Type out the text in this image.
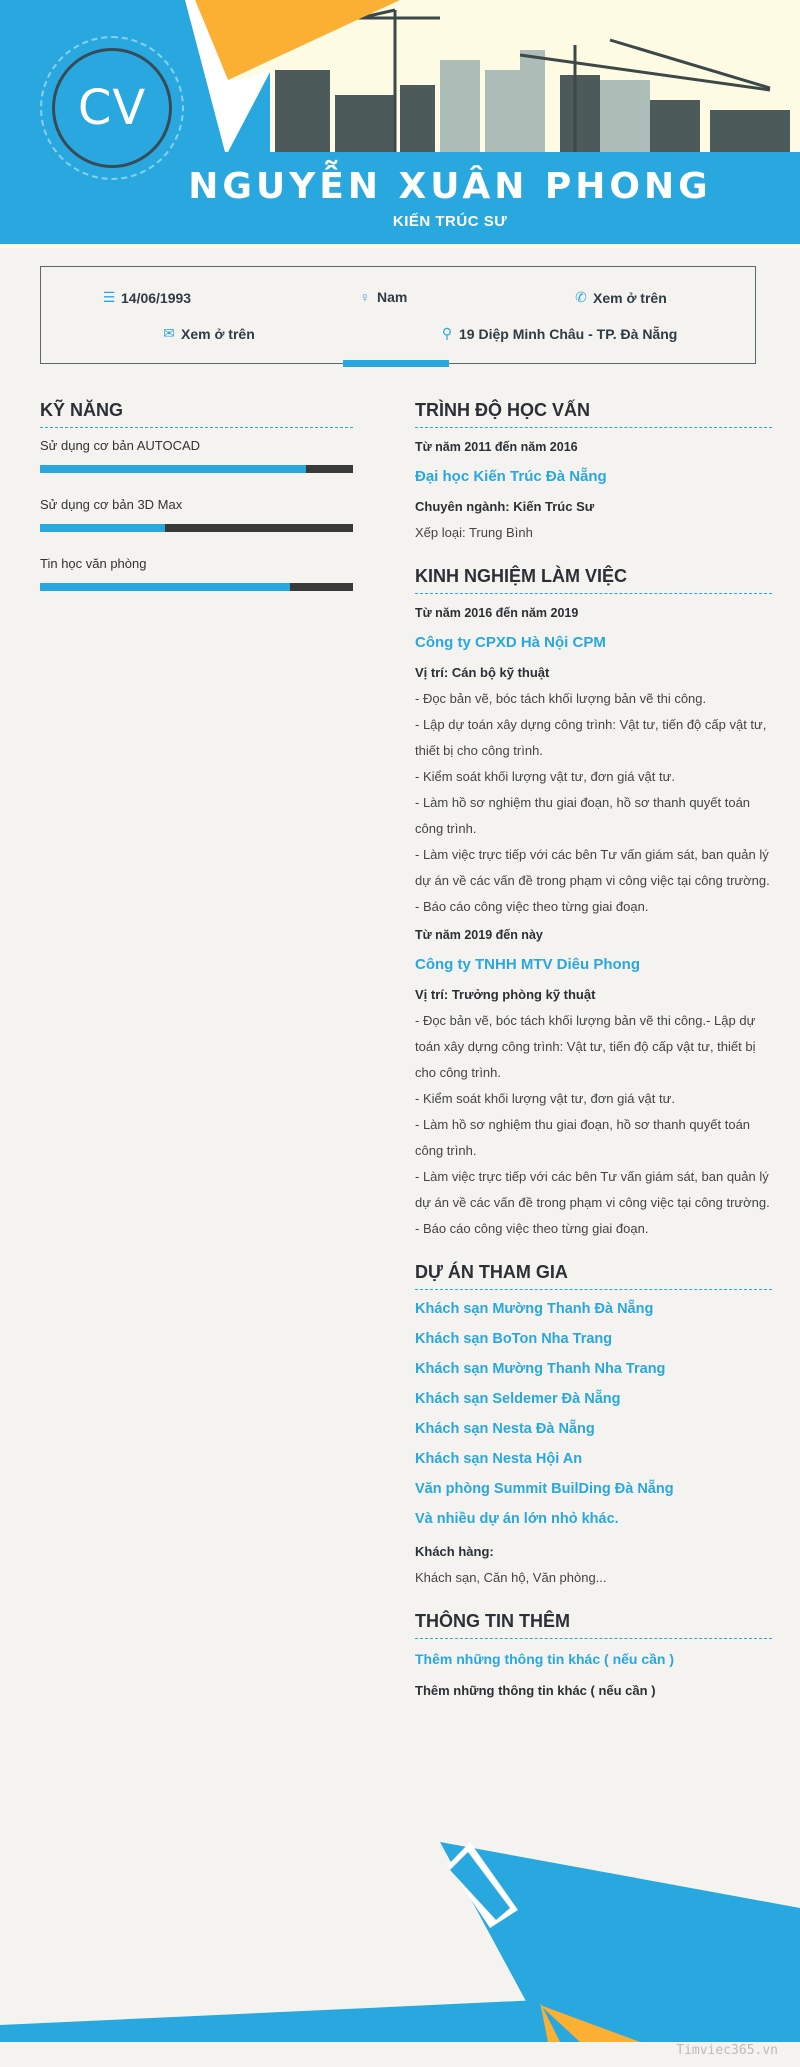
CV
NGUYỄN XUÂN PHONG
KIẾN TRÚC SƯ
☰ 14/06/1993	♀ Nam	✆ Xem ở trên
✉ Xem ở trên	⚲ 19 Diệp Minh Châu - TP. Đà Nẵng
KỸ NĂNG
Sử dụng cơ bản AUTOCAD
Sử dụng cơ bản 3D Max
Tin học văn phòng
TRÌNH ĐỘ HỌC VẤN
Từ năm 2011 đến năm 2016
Đại học Kiến Trúc Đà Nẵng
Chuyên ngành: Kiến Trúc Sư
Xếp loại: Trung Bình
KINH NGHIỆM LÀM VIỆC
Từ năm 2016 đến năm 2019
Công ty CPXD Hà Nội CPM
Vị trí: Cán bộ kỹ thuật
- Đọc bản vẽ, bóc tách khối lượng bản vẽ thi công.
- Lập dự toán xây dựng công trình: Vật tư, tiến độ cấp vật tư, thiết bị cho công trình.
- Kiểm soát khối lượng vật tư, đơn giá vật tư.
- Làm hồ sơ nghiệm thu giai đoạn, hồ sơ thanh quyết toán công trình.
- Làm việc trực tiếp với các bên Tư vấn giám sát, ban quản lý dự án về các vấn đề trong phạm vi công việc tại công trường.
- Báo cáo công việc theo từng giai đoạn.
Từ năm 2019 đến này
Công ty TNHH MTV Diêu Phong
Vị trí: Trưởng phòng kỹ thuật
- Đọc bản vẽ, bóc tách khối lượng bản vẽ thi công.- Lập dự toán xây dựng công trình: Vật tư, tiến độ cấp vật tư, thiết bị cho công trình.
- Kiểm soát khối lượng vật tư, đơn giá vật tư.
- Làm hồ sơ nghiệm thu giai đoạn, hồ sơ thanh quyết toán công trình.
- Làm việc trực tiếp với các bên Tư vấn giám sát, ban quản lý dự án về các vấn đề trong phạm vi công việc tại công trường.
- Báo cáo công việc theo từng giai đoạn.
DỰ ÁN THAM GIA
Khách sạn Mường Thanh Đà Nẵng
Khách sạn BoTon Nha Trang
Khách sạn Mường Thanh Nha Trang
Khách sạn Seldemer Đà Nẵng
Khách sạn Nesta Đà Nẵng
Khách sạn Nesta Hội An
Văn phòng Summit BuilDing Đà Nẵng
Và nhiều dự án lớn nhỏ khác.
Khách hàng:
Khách sạn, Căn hộ, Văn phòng...
THÔNG TIN THÊM
Thêm những thông tin khác ( nếu cần )
Thêm những thông tin khác ( nếu cần )
Timviec365.vn
